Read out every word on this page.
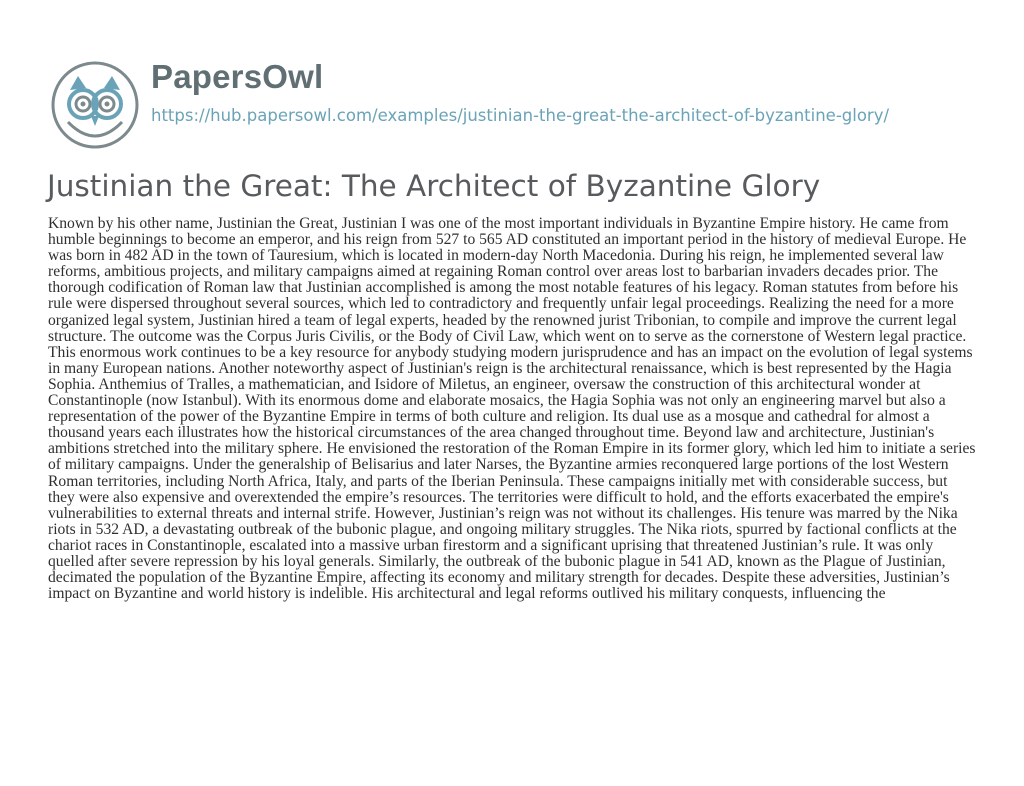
PapersOwl
https://hub.papersowl.com/examples/justinian-the-great-the-architect-of-byzantine-glory/
Justinian the Great: The Architect of Byzantine Glory

Known by his other name, Justinian the Great, Justinian I was one of the most important individuals in Byzantine Empire history. He came from humble beginnings to become an emperor, and his reign from 527 to 565 AD constituted an important period in the history of medieval Europe. He was born in 482 AD in the town of Tauresium, which is located in modern-day North Macedonia. During his reign, he implemented several law reforms, ambitious projects, and military campaigns aimed at regaining Roman control over areas lost to barbarian invaders decades prior. The thorough codification of Roman law that Justinian accomplished is among the most notable features of his legacy. Roman statutes from before his rule were dispersed throughout several sources, which led to contradictory and frequently unfair legal proceedings. Realizing the need for a more organized legal system, Justinian hired a team of legal experts, headed by the renowned jurist Tribonian, to compile and improve the current legal structure. The outcome was the Corpus Juris Civilis, or the Body of Civil Law, which went on to serve as the cornerstone of Western legal practice. This enormous work continues to be a key resource for anybody studying modern jurisprudence and has an impact on the evolution of legal systems in many European nations. Another noteworthy aspect of Justinian's reign is the architectural renaissance, which is best represented by the Hagia Sophia. Anthemius of Tralles, a mathematician, and Isidore of Miletus, an engineer, oversaw the construction of this architectural wonder at Constantinople (now Istanbul). With its enormous dome and elaborate mosaics, the Hagia Sophia was not only an engineering marvel but also a representation of the power of the Byzantine Empire in terms of both culture and religion. Its dual use as a mosque and cathedral for almost a thousand years each illustrates how the historical circumstances of the area changed throughout time. Beyond law and architecture, Justinian's ambitions stretched into the military sphere. He envisioned the restoration of the Roman Empire in its former glory, which led him to initiate a series of military campaigns. Under the generalship of Belisarius and later Narses, the Byzantine armies reconquered large portions of the lost Western Roman territories, including North Africa, Italy, and parts of the Iberian Peninsula. These campaigns initially met with considerable success, but they were also expensive and overextended the empire’s resources. The territories were difficult to hold, and the efforts exacerbated the empire's vulnerabilities to external threats and internal strife. However, Justinian’s reign was not without its challenges. His tenure was marred by the Nika riots in 532 AD, a devastating outbreak of the bubonic plague, and ongoing military struggles. The Nika riots, spurred by factional conflicts at the chariot races in Constantinople, escalated into a massive urban firestorm and a significant uprising that threatened Justinian’s rule. It was only quelled after severe repression by his loyal generals. Similarly, the outbreak of the bubonic plague in 541 AD, known as the Plague of Justinian, decimated the population of the Byzantine Empire, affecting its economy and military strength for decades. Despite these adversities, Justinian’s impact on Byzantine and world history is indelible. His architectural and legal reforms outlived his military conquests, influencing the
